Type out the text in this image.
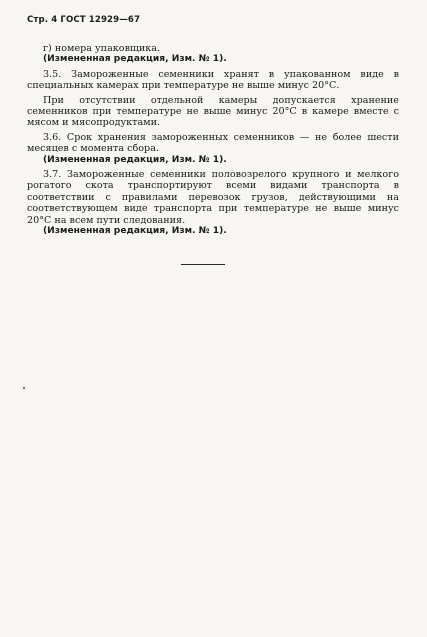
Стр. 4 ГОСТ 12929—67

г) номера упаковщика.

(Измененная редакция, Изм. № 1).

3.5. Замороженные семенники хранят в упакованном виде в специальных камерах при температуре не выше минус 20°С.

При отсутствии отдельной камеры допускается хранение семенников при температуре не выше минус 20°С в камере вместе с мясом и мясопродуктами.

3.6. Срок хранения замороженных семенников — не более шести месяцев с момента сбора.

(Измененная редакция, Изм. № 1).

3.7. Замороженные семенники половозрелого крупного и мелкого рогатого скота транспортируют всеми видами транспорта в соответствии с правилами перевозок грузов, действующими на соответствующем виде транспорта при температуре не выше минус 20°С на всем пути следования.

(Измененная редакция, Изм. № 1).
